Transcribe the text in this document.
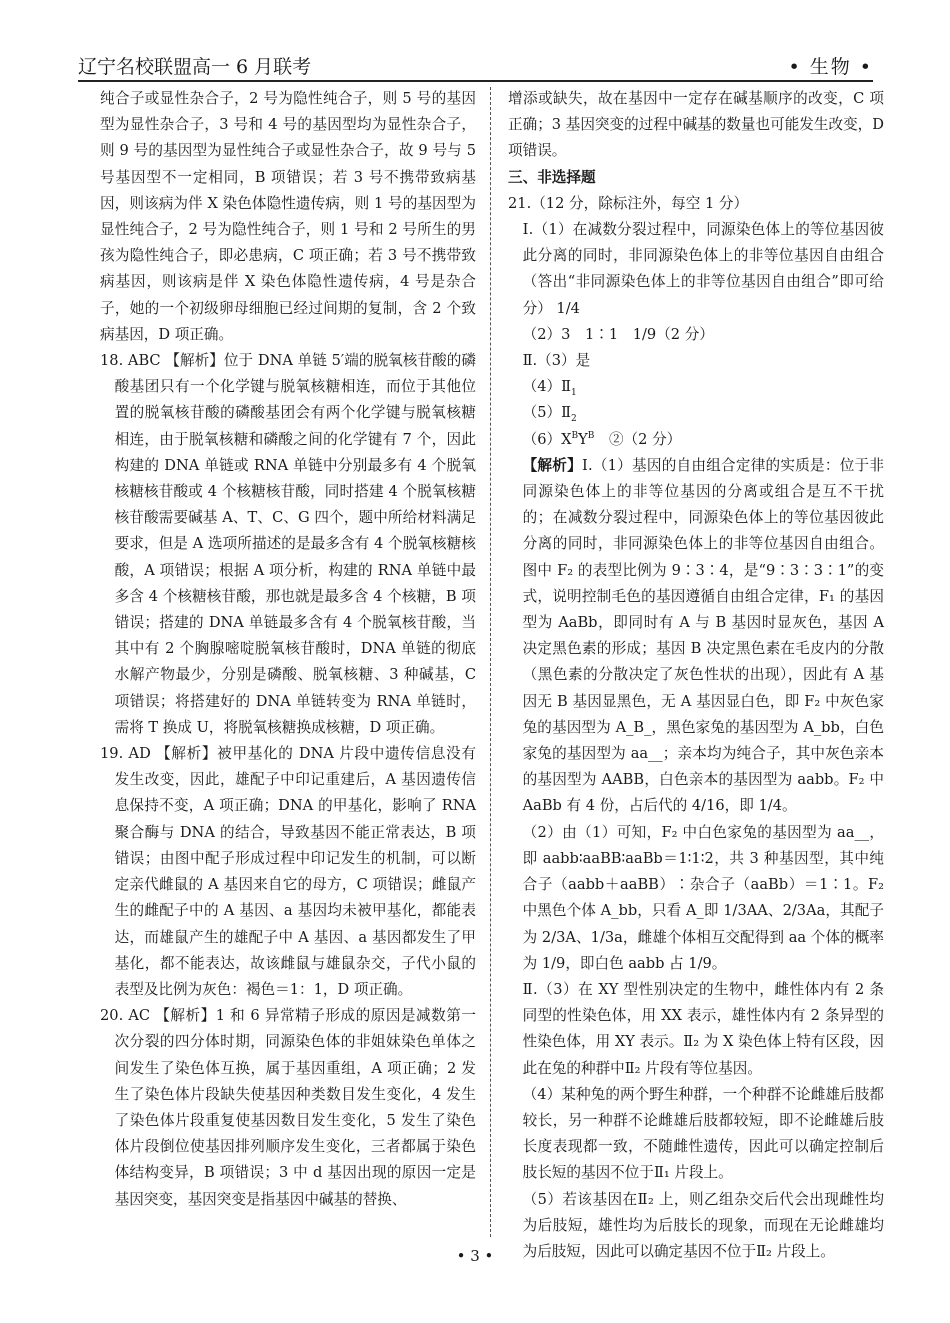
辽宁名校联盟高一 6 月联考	• 生物 •

纯合子或显性杂合子，2 号为隐性纯合子，则 5 号的基因型为显性杂合子，3 号和 4 号的基因型均为显性杂合子，则 9 号的基因型为显性纯合子或显性杂合子，故 9 号与 5 号基因型不一定相同，B 项错误；若 3 号不携带致病基因，则该病为伴 X 染色体隐性遗传病，则 1 号的基因型为显性纯合子，2 号为隐性纯合子，则 1 号和 2 号所生的男孩为隐性纯合子，即必患病，C 项正确；若 3 号不携带致病基因，则该病是伴 X 染色体隐性遗传病，4 号是杂合子，她的一个初级卵母细胞已经过间期的复制，含 2 个致病基因，D 项正确。

18. ABC 【解析】位于 DNA 单链 5′端的脱氧核苷酸的磷酸基团只有一个化学键与脱氧核糖相连，而位于其他位置的脱氧核苷酸的磷酸基团会有两个化学键与脱氧核糖相连，由于脱氧核糖和磷酸之间的化学键有 7 个，因此构建的 DNA 单链或 RNA 单链中分别最多有 4 个脱氧核糖核苷酸或 4 个核糖核苷酸，同时搭建 4 个脱氧核糖核苷酸需要碱基 A、T、C、G 四个，题中所给材料满足要求，但是 A 选项所描述的是最多含有 4 个脱氧核糖核酸，A 项错误；根据 A 项分析，构建的 RNA 单链中最多含 4 个核糖核苷酸，那也就是最多含 4 个核糖，B 项错误；搭建的 DNA 单链最多含有 4 个脱氧核苷酸，当其中有 2 个胸腺嘧啶脱氧核苷酸时，DNA 单链的彻底水解产物最少，分别是磷酸、脱氧核糖、3 种碱基，C 项错误；将搭建好的 DNA 单链转变为 RNA 单链时，需将 T 换成 U，将脱氧核糖换成核糖，D 项正确。

19. AD 【解析】被甲基化的 DNA 片段中遗传信息没有发生改变，因此，雄配子中印记重建后，A 基因遗传信息保持不变，A 项正确；DNA 的甲基化，影响了 RNA 聚合酶与 DNA 的结合，导致基因不能正常表达，B 项错误；由图中配子形成过程中印记发生的机制，可以断定亲代雌鼠的 A 基因来自它的母方，C 项错误；雌鼠产生的雌配子中的 A 基因、a 基因均未被甲基化，都能表达，而雄鼠产生的雄配子中 A 基因、a 基因都发生了甲基化，都不能表达，故该雌鼠与雄鼠杂交，子代小鼠的表型及比例为灰色：褐色＝1：1，D 项正确。

20. AC 【解析】1 和 6 异常精子形成的原因是减数第一次分裂的四分体时期，同源染色体的非姐妹染色单体之间发生了染色体互换，属于基因重组，A 项正确；2 发生了染色体片段缺失使基因种类数目发生变化，4 发生了染色体片段重复使基因数目发生变化，5 发生了染色体片段倒位使基因排列顺序发生变化，三者都属于染色体结构变异，B 项错误；3 中 d 基因出现的原因一定是基因突变，基因突变是指基因中碱基的替换、

增添或缺失，故在基因中一定存在碱基顺序的改变，C 项正确；3 基因突变的过程中碱基的数量也可能发生改变，D 项错误。

三、非选择题

21.（12 分，除标注外，每空 1 分）

Ⅰ.（1）在减数分裂过程中，同源染色体上的等位基因彼此分离的同时，非同源染色体上的非等位基因自由组合（答出“非同源染色体上的非等位基因自由组合”即可给分） 1/4

（2）3　1∶1　1/9（2 分）

Ⅱ.（3）是

$(4)Ⅱ_1$

$(5)Ⅱ_2$

$(6)X^BY^B$　②（2 分）

【解析】Ⅰ.（1）基因的自由组合定律的实质是：位于非同源染色体上的非等位基因的分离或组合是互不干扰的；在减数分裂过程中，同源染色体上的等位基因彼此分离的同时，非同源染色体上的非等位基因自由组合。图中 F₂ 的表型比例为 9∶3∶4，是“9∶3∶3∶1”的变式，说明控制毛色的基因遵循自由组合定律，F₁ 的基因型为 AaBb，即同时有 A 与 B 基因时显灰色，基因 A 决定黑色素的形成；基因 B 决定黑色素在毛皮内的分散（黑色素的分散决定了灰色性状的出现），因此有 A 基因无 B 基因显黑色，无 A 基因显白色，即 F₂ 中灰色家兔的基因型为 A_B_，黑色家兔的基因型为 A_bb，白色家兔的基因型为 aa__；亲本均为纯合子，其中灰色亲本的基因型为 AABB，白色亲本的基因型为 aabb。F₂ 中 AaBb 有 4 份，占后代的 4/16，即 1/4。

（2）由（1）可知，F₂ 中白色家兔的基因型为 aa__，即 aabb∶aaBB∶aaBb＝1∶1∶2，共 3 种基因型，其中纯合子（aabb＋aaBB）∶杂合子（aaBb）＝1∶1。F₂ 中黑色个体 A_bb，只看 A_即 1/3AA、2/3Aa，其配子为 2/3A、1/3a，雌雄个体相互交配得到 aa 个体的概率为 1/9，即白色 aabb 占 1/9。

Ⅱ.（3）在 XY 型性别决定的生物中，雌性体内有 2 条同型的性染色体，用 XX 表示，雄性体内有 2 条异型的性染色体，用 XY 表示。Ⅱ₂ 为 X 染色体上特有区段，因此在兔的种群中Ⅱ₂ 片段有等位基因。

（4）某种兔的两个野生种群，一个种群不论雌雄后肢都较长，另一种群不论雌雄后肢都较短，即不论雌雄后肢长度表现都一致，不随雌性遗传，因此可以确定控制后肢长短的基因不位于Ⅱ₁ 片段上。

（5）若该基因在Ⅱ₂ 上，则乙组杂交后代会出现雌性均为后肢短，雄性均为后肢长的现象，而现在无论雌雄均为后肢短，因此可以确定基因不位于Ⅱ₂ 片段上。

• 3 •
